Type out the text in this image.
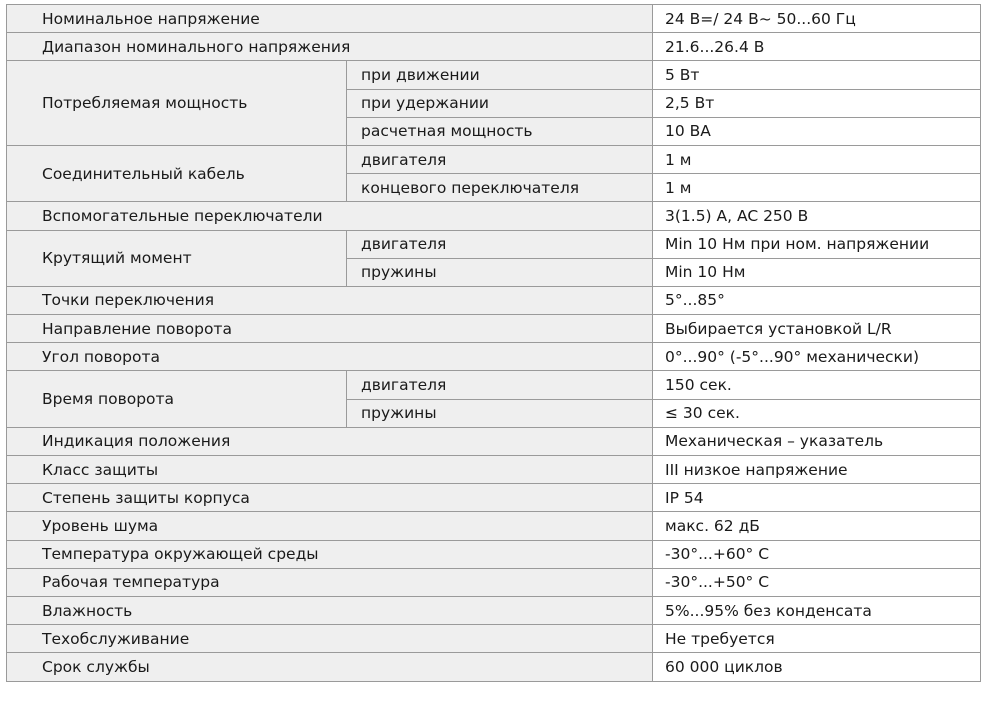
Номинальное напряжение		24 В=/ 24 В~ 50...60 Гц
Диапазон номинального напряжения		21.6...26.4 В
Потребляемая мощность	при движении	5 Вт
	при удержании	2,5 Вт
	расчетная мощность	10 ВА
Соединительный кабель	двигателя	1 м
	концевого переключателя	1 м
Вспомогательные переключатели		3(1.5) A, AC 250 В
Крутящий момент	двигателя	Min 10 Нм при ном. напряжении
	пружины	Min 10 Нм
Точки переключения		5°...85°
Направление поворота		Выбирается установкой L/R
Угол поворота		0°...90° (-5°...90° механически)
Время поворота	двигателя	150 сек.
	пружины	≤ 30 сек.
Индикация положения		Механическая – указатель
Класс защиты		III низкое напряжение
Степень защиты корпуса		IP 54
Уровень шума		макс. 62 дБ
Температура окружающей среды		-30°...+60° С
Рабочая температура		-30°...+50° С
Влажность		5%...95% без конденсата
Техобслуживание		Не требуется
Срок службы		60 000 циклов
